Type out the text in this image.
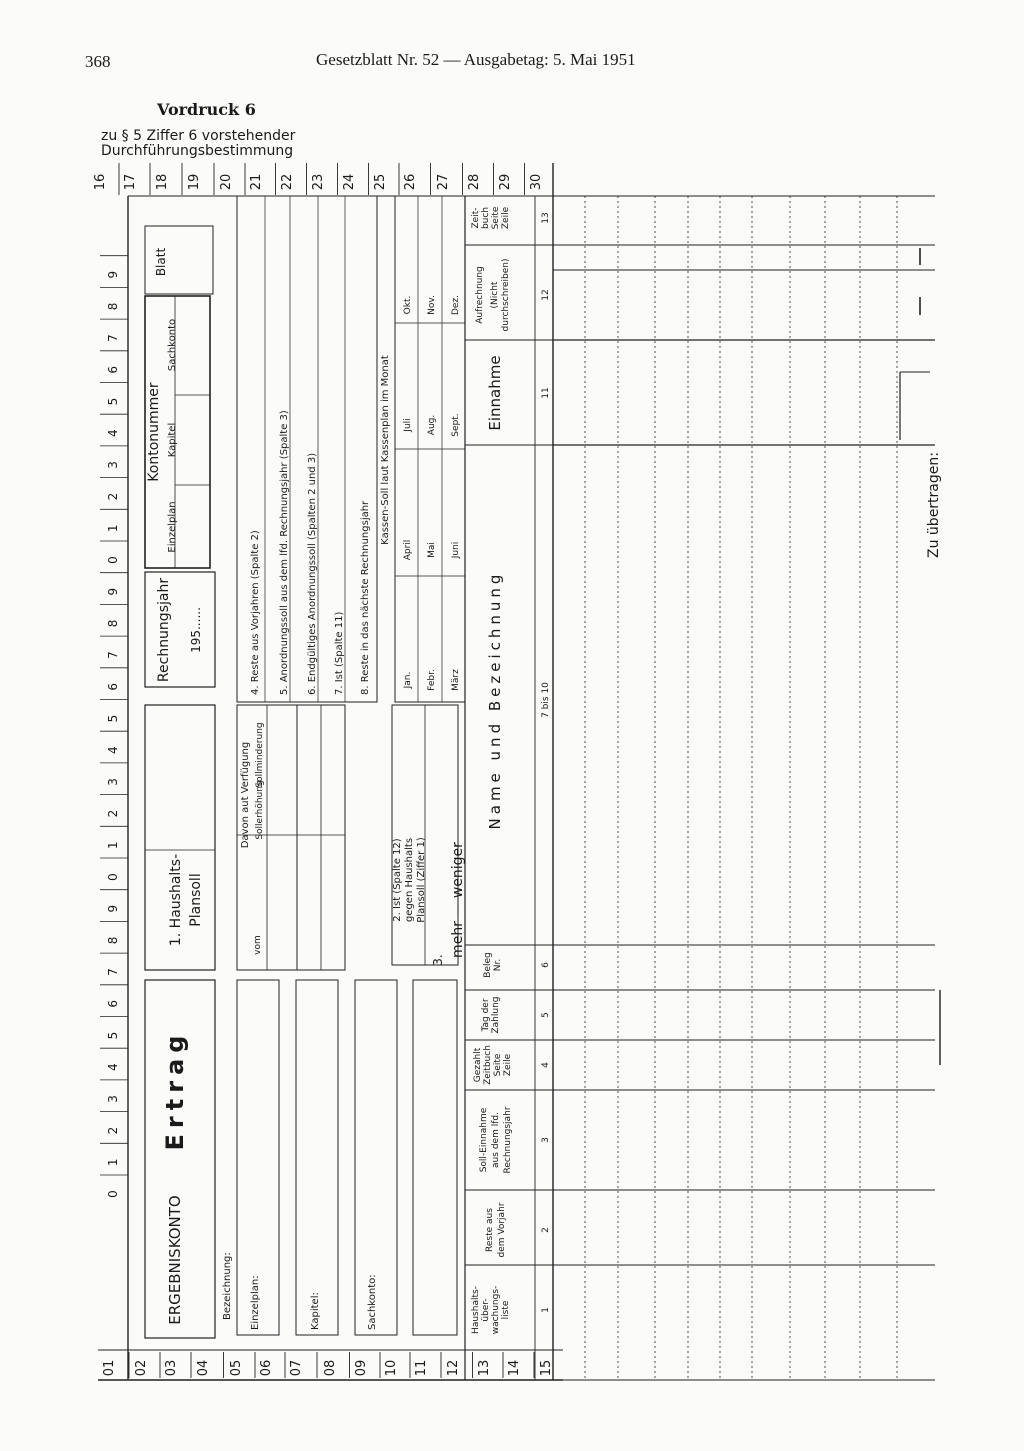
368	Gesetzblatt Nr. 52 — Ausgabetag: 5. Mai 1951
Vordruck 6
zu § 5 Ziffer 6 vorstehender
Durchführungsbestimmung
01 02 03 04 05 06 07 08 09 10 11 12 13 14 15
16 17 18 19 20 21 22 23 24 25 26 27 28 29 30
0
1
2
3
4
5
6
7
8
9
0
1
2
3
4
5
6
7
8
9
0
1
2
3
4
5
6
7
8
9
ERGEBNISKONTO
Ertrag
Bezeichnung: Einzelplan:	Kapitel:	Sachkonto:
1. Haushalts- Plansoll
Davon aut Verfügung
vom
Sollerhöhung
Sollminderung
2. Ist (Spalte 12) gegen Haushalts Plansoll (Ziffer 1)
3.
mehr — weniger
Rechnungsjahr 195......
Kontonummer
Einzelplan
Kapitel
Sachkonto
Blatt
4. Reste aus Vorjahren (Spalte 2) 5. Anordnungssoll aus dem lfd. Rechnungsjahr (Spalte 3) 6. Endgültiges Anordnungssoll (Spalten 2 und 3) 7. Ist (Spalte 11) 8. Reste in das nächste Rechnungsjahr
Kassen-Soll laut Kassenplan im Monat
Jan. Febr. März
April Mai Juni
Juli Aug. Sept.
Okt. Nov. Dez.
Haushalts- über- wachungs- liste	1
Reste aus dem Vorjahr	2
Soll-Einnahme aus dem lfd. Rechnungsjahr	3
Gezahlt Zeitbuch Seite Zeile	4
Tag der Zahlung	5
Beleg Nr.	6
Name und Bezeichnung	7 bis 10
Einnahme	11
Aufrechnung (Nicht durchschreiben)	12
Zeit- buch Seite Zeile	13
Zu übertragen:
